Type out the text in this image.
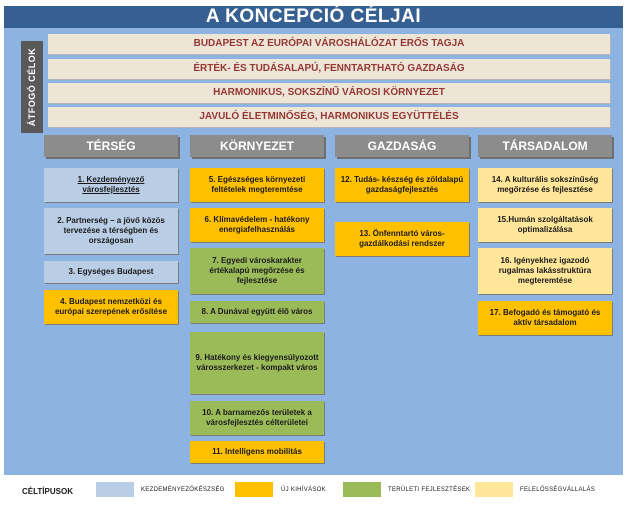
A KONCEPCIÓ CÉLJAI
ÁTFOGÓ CÉLOK
BUDAPEST AZ EURÓPAI VÁROSHÁLÓZAT ERŐS TAGJA
ÉRTÉK- ÉS TUDÁSALAPÚ, FENNTARTHATÓ GAZDASÁG
HARMONIKUS, SOKSZÍNŰ VÁROSI KÖRNYEZET
JAVULÓ ÉLETMINŐSÉG, HARMONIKUS EGYÜTTÉLÉS
TÉRSÉG	KÖRNYEZET	GAZDASÁG	TÁRSADALOM
1. Kezdeményező városfejlesztés
2. Partnerség – a jövő közös tervezése a térségben és országosan
3. Egységes Budapest
4. Budapest nemzetközi és európai szerepének erősítése
5. Egészséges környezeti feltételek megteremtése
6. Klímavédelem - hatékony energiafelhasználás
7. Egyedi városkarakter értékalapú megőrzése és fejlesztése
8. A Dunával együtt élő város
9. Hatékony és kiegyensúlyozott városszerkezet - kompakt város
10. A barnamezős területek a városfejlesztés célterületei
11. Intelligens mobilitás
12. Tudás- készség és zöldalapú gazdaságfejlesztés
13. Önfenntartó város-gazdálkodási rendszer
14. A kulturális sokszínűség megőrzése és fejlesztése
15.Humán szolgáltatások optimalizálása
16. Igényekhez igazodó rugalmas lakásstruktúra megteremtése
17. Befogadó és támogató és aktív társadalom
CÉLTÍPUSOK	KEZDEMÉNYEZŐKÉSZSÉG	ÚJ KIHÍVÁSOK	TERÜLETI FEJLESZTÉSEK	FELELŐSSÉGVÁLLALÁS
